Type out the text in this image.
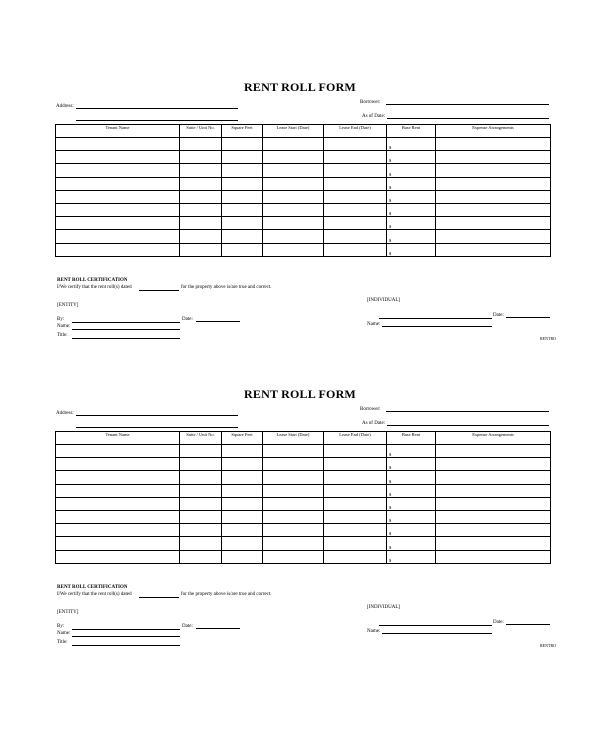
RENT ROLL FORM
Address:
Borrower:
As of Date:
Tenant Name	Suite / Unit No.	Square Feet	Lease Start (Date)	Lease End (Date)	Base Rent	Expense Arrangements
					$	
					$	
					$	
					$	
					$	
					$	
					$	
					$	
					$	
RENT ROLL CERTIFICATION
I/We certify that the rent roll(s) dated	for the property above is/are true and correct.
[ENTITY]
[INDIVIDUAL]
By:	Date:
Date:
Name:	Name:
Title:
RENTRO
RENT ROLL FORM
Address:
Borrower:
As of Date:
Tenant Name	Suite / Unit No.	Square Feet	Lease Start (Date)	Lease End (Date)	Base Rent	Expense Arrangements
					$	
					$	
					$	
					$	
					$	
					$	
					$	
					$	
					$	
RENT ROLL CERTIFICATION
I/We certify that the rent roll(s) dated	for the property above is/are true and correct.
[ENTITY]
[INDIVIDUAL]
By:	Date:
Date:
Name:	Name:
Title:
RENTRO
